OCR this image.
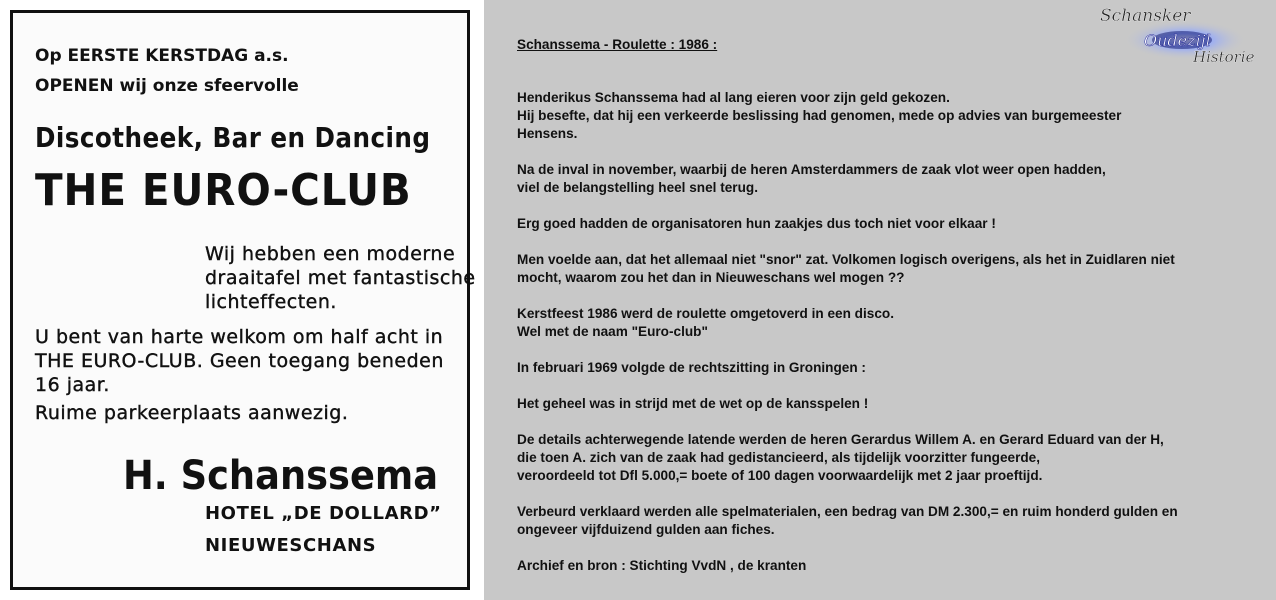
Op EERSTE KERSTDAG a.s.
OPENEN wij onze sfeervolle
Discotheek, Bar en Dancing
THE EURO-CLUB
Wij hebben een moderne
draaitafel met fantastische
lichteffecten.
U bent van harte welkom om half acht in
THE EURO-CLUB. Geen toegang beneden
16 jaar.
Ruime parkeerplaats aanwezig.
H. Schanssema
HOTEL „DE DOLLARD”
NIEUWESCHANS
Schanssema - Roulette : 1986 :

Henderikus Schanssema had al lang eieren voor zijn geld gekozen.

Hij besefte, dat hij een verkeerde beslissing had genomen, mede op advies van burgemeester

Hensens.

Na de inval in november, waarbij de heren Amsterdammers de zaak vlot weer open hadden,

viel de belangstelling heel snel terug.

Erg goed hadden de organisatoren hun zaakjes dus toch niet voor elkaar !

Men voelde aan, dat het allemaal niet "snor" zat. Volkomen logisch overigens, als het in Zuidlaren niet

mocht, waarom zou het dan in Nieuweschans wel mogen ??

Kerstfeest 1986 werd de roulette omgetoverd in een disco.

Wel met de naam "Euro-club"

In februari 1969 volgde de rechtszitting in Groningen :

Het geheel was in strijd met de wet op de kansspelen !

De details achterwegende latende werden de heren Gerardus Willem A. en Gerard Eduard van der H,

die toen A. zich van de zaak had gedistancieerd, als tijdelijk voorzitter fungeerde,

veroordeeld tot Dfl 5.000,= boete of 100 dagen voorwaardelijk met 2 jaar proeftijd.

Verbeurd verklaard werden alle spelmaterialen, een bedrag van DM 2.300,= en ruim honderd gulden en

ongeveer vijfduizend gulden aan fiches.

Archief en bron : Stichting VvdN , de kranten

Schansker
Oudezijl
Historie
